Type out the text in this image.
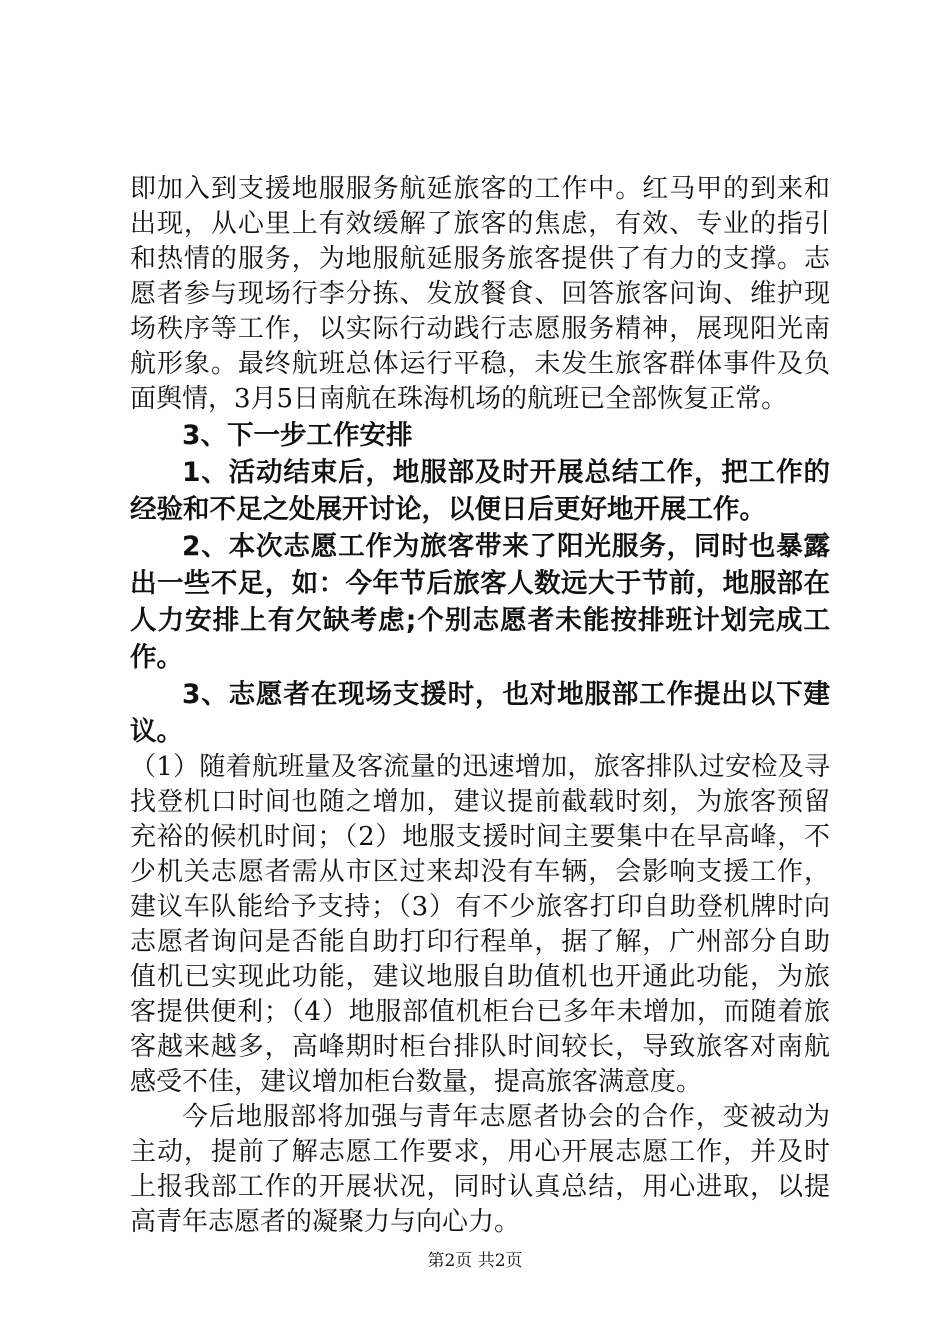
即加入到支援地服服务航延旅客的工作中。红马甲的到来和出现，从心里上有效缓解了旅客的焦虑，有效、专业的指引和热情的服务，为地服航延服务旅客提供了有力的支撑。志愿者参与现场行李分拣、发放餐食、回答旅客问询、维护现场秩序等工作，以实际行动践行志愿服务精神，展现阳光南航形象。最终航班总体运行平稳，未发生旅客群体事件及负面舆情，3月5日南航在珠海机场的航班已全部恢复正常。

3、下一步工作安排

1、活动结束后，地服部及时开展总结工作，把工作的经验和不足之处展开讨论，以便日后更好地开展工作。

2、本次志愿工作为旅客带来了阳光服务，同时也暴露出一些不足，如：今年节后旅客人数远大于节前，地服部在人力安排上有欠缺考虑;个别志愿者未能按排班计划完成工作。

3、志愿者在现场支援时，也对地服部工作提出以下建议。

（1）随着航班量及客流量的迅速增加，旅客排队过安检及寻找登机口时间也随之增加，建议提前截载时刻，为旅客预留充裕的候机时间；（2）地服支援时间主要集中在早高峰，不少机关志愿者需从市区过来却没有车辆，会影响支援工作，建议车队能给予支持；（3）有不少旅客打印自助登机牌时向志愿者询问是否能自助打印行程单，据了解，广州部分自助值机已实现此功能，建议地服自助值机也开通此功能，为旅客提供便利；（4）地服部值机柜台已多年未增加，而随着旅客越来越多，高峰期时柜台排队时间较长，导致旅客对南航感受不佳，建议增加柜台数量，提高旅客满意度。

今后地服部将加强与青年志愿者协会的合作，变被动为主动，提前了解志愿工作要求，用心开展志愿工作，并及时上报我部工作的开展状况，同时认真总结，用心进取，以提高青年志愿者的凝聚力与向心力。

第2页 共2页
